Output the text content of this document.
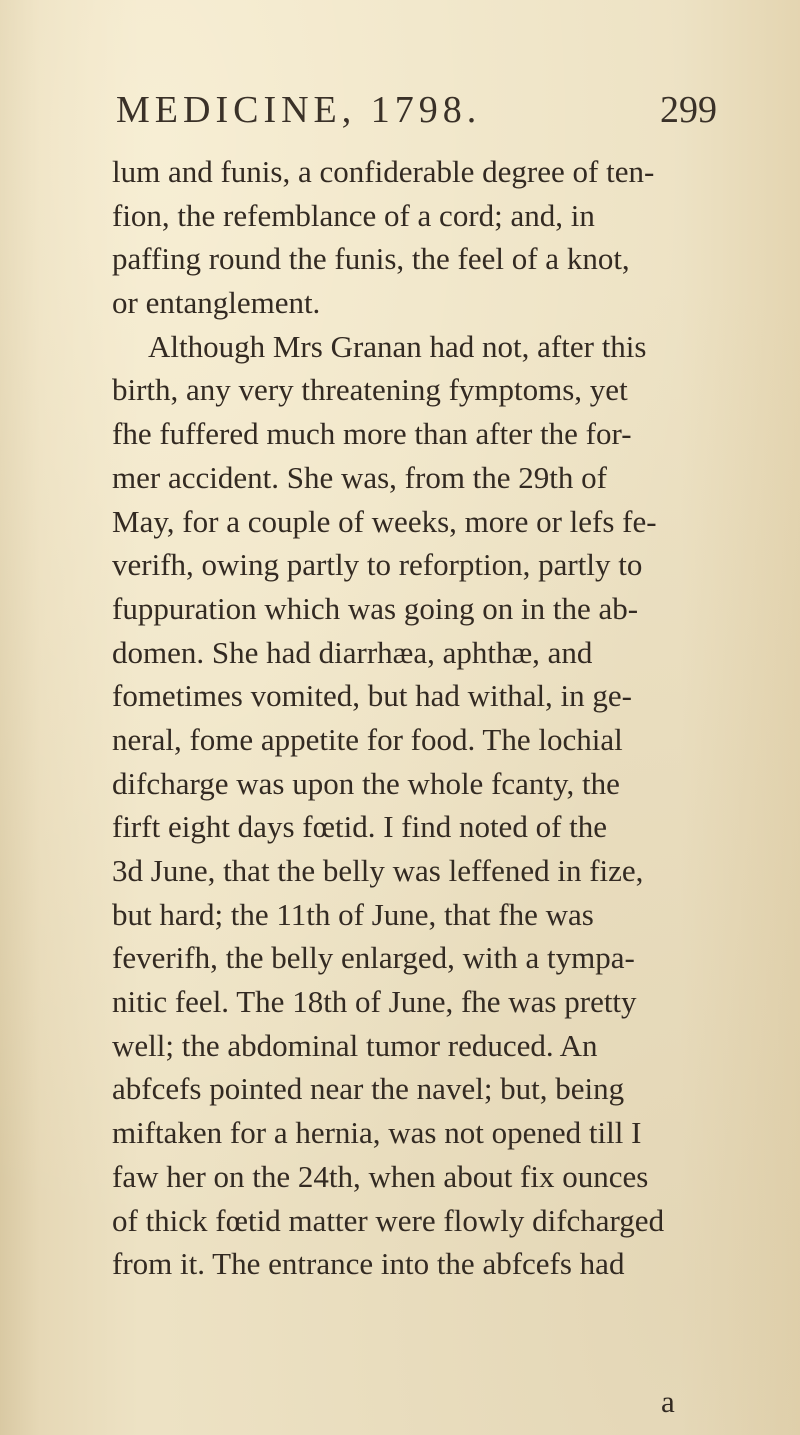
MEDICINE, 1798.	299
lum and funis, a confiderable degree of ten-
fion, the refemblance of a cord; and, in
paffing round the funis, the feel of a knot,
or entanglement.
Although Mrs Granan had not, after this
birth, any very threatening fymptoms, yet
fhe fuffered much more than after the for-
mer accident. She was, from the 29th of
May, for a couple of weeks, more or lefs fe-
verifh, owing partly to reforption, partly to
fuppuration which was going on in the ab-
domen. She had diarrhæa, aphthæ, and
fometimes vomited, but had withal, in ge-
neral, fome appetite for food. The lochial
difcharge was upon the whole fcanty, the
firft eight days fœtid. I find noted of the
3d June, that the belly was leffened in fize,
but hard; the 11th of June, that fhe was
feverifh, the belly enlarged, with a tympa-
nitic feel. The 18th of June, fhe was pretty
well; the abdominal tumor reduced. An
abfcefs pointed near the navel; but, being
miftaken for a hernia, was not opened till I
faw her on the 24th, when about fix ounces
of thick fœtid matter were flowly difcharged
from it. The entrance into the abfcefs had
a
